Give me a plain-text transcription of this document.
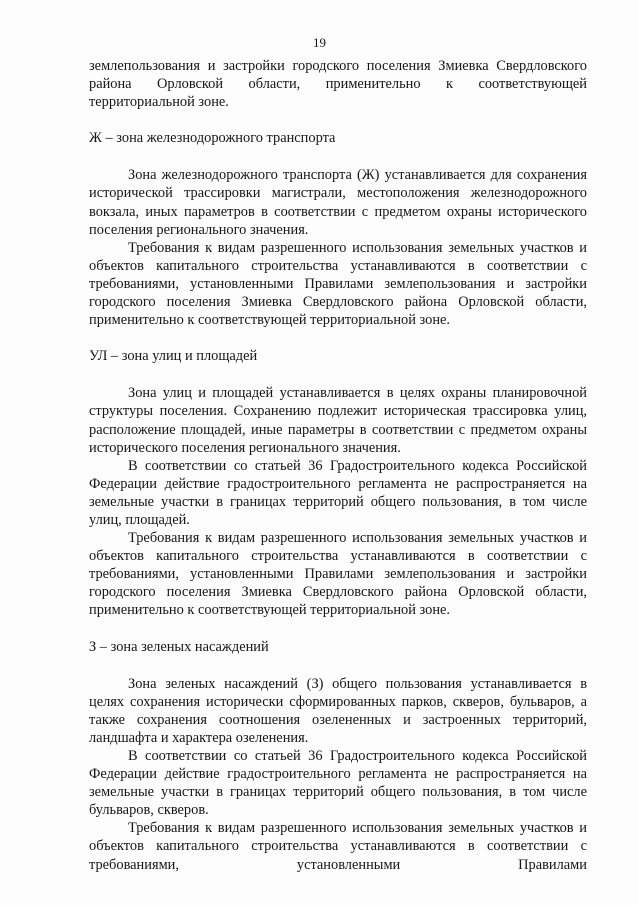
19

землепользования и застройки городского поселения Змиевка Свердловского района Орловской области, применительно к соответствующей территориальной зоне.

Ж – зона железнодорожного транспорта

Зона железнодорожного транспорта (Ж) устанавливается для сохранения исторической трассировки магистрали, местоположения железнодорожного вокзала, иных параметров в соответствии с предметом охраны исторического поселения регионального значения.

Требования к видам разрешенного использования земельных участков и объектов капитального строительства устанавливаются в соответствии с требованиями, установленными Правилами землепользования и застройки городского поселения Змиевка Свердловского района Орловской области, применительно к соответствующей территориальной зоне.

УЛ – зона улиц и площадей

Зона улиц и площадей устанавливается в целях охраны планировочной структуры поселения. Сохранению подлежит историческая трассировка улиц, расположение площадей, иные параметры в соответствии с предметом охраны исторического поселения регионального значения.

В соответствии со статьей 36 Градостроительного кодекса Российской Федерации действие градостроительного регламента не распространяется на земельные участки в границах территорий общего пользования, в том числе улиц, площадей.

Требования к видам разрешенного использования земельных участков и объектов капитального строительства устанавливаются в соответствии с требованиями, установленными Правилами землепользования и застройки городского поселения Змиевка Свердловского района Орловской области, применительно к соответствующей территориальной зоне.

З – зона зеленых насаждений

Зона зеленых насаждений (З) общего пользования устанавливается в целях сохранения исторически сформированных парков, скверов, бульваров, а также сохранения соотношения озелененных и застроенных территорий, ландшафта и характера озеленения.

В соответствии со статьей 36 Градостроительного кодекса Российской Федерации действие градостроительного регламента не распространяется на земельные участки в границах территорий общего пользования, в том числе бульваров, скверов.

Требования к видам разрешенного использования земельных участков и объектов капитального строительства устанавливаются в соответствии с требованиями, установленными Правилами
